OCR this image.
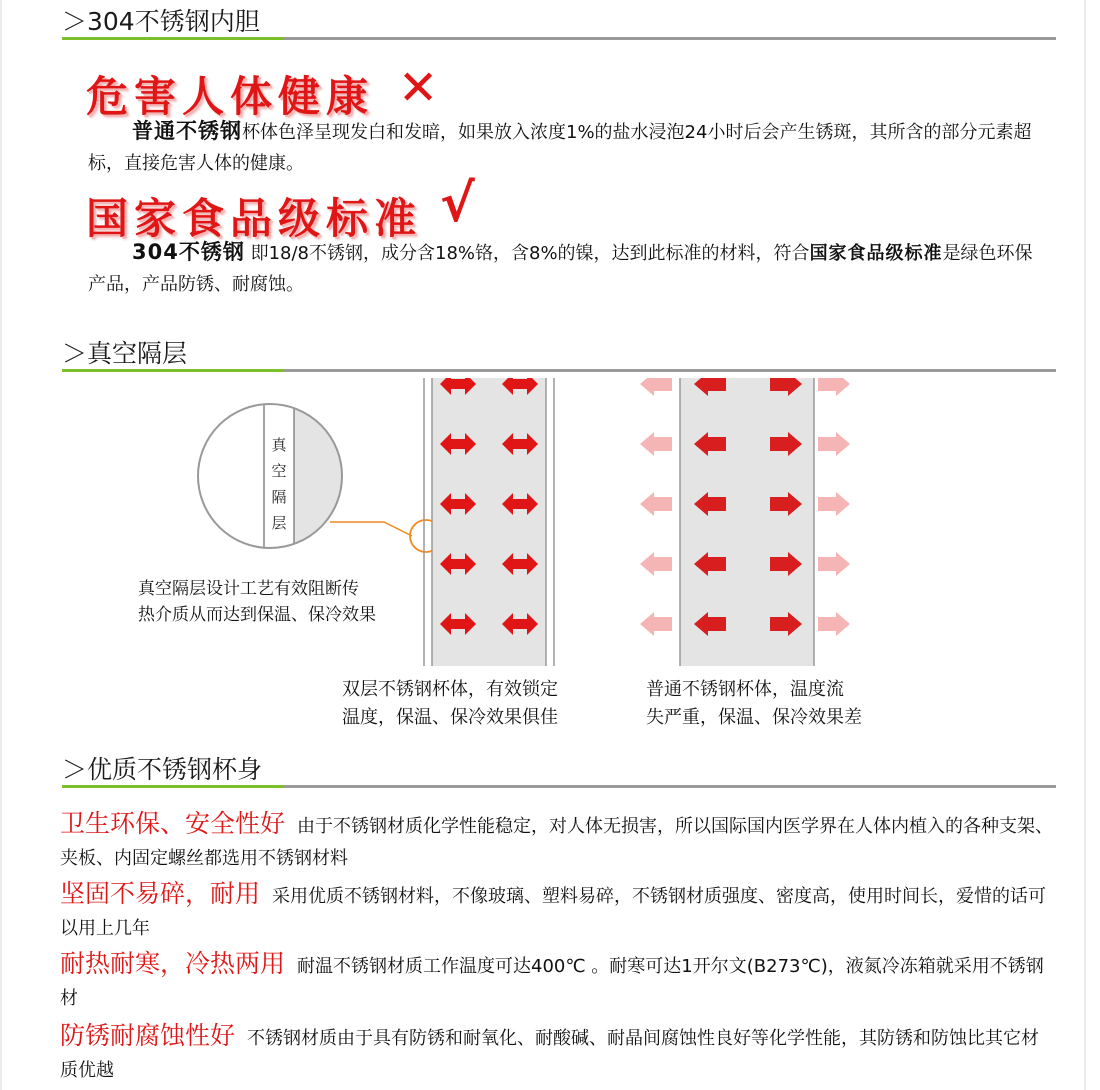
＞304不锈钢内胆
危害人体健康 ✕
普通不锈钢杯体色泽呈现发白和发暗，如果放入浓度1%的盐水浸泡24小时后会产生锈斑，其所含的部分元素超标，直接危害人体的健康。
国家食品级标准 √
304不锈钢 即18/8不锈钢，成分含18%铬，含8%的镍，达到此标准的材料，符合国家食品级标准是绿色环保产品，产品防锈、耐腐蚀。
＞真空隔层
真空隔层
真空隔层设计工艺有效阻断传
热介质从而达到保温、保冷效果
双层不锈钢杯体，有效锁定
温度，保温、保冷效果俱佳
普通不锈钢杯体，温度流
失严重，保温、保冷效果差
＞优质不锈钢杯身
卫生环保、安全性好 由于不锈钢材质化学性能稳定，对人体无损害，所以国际国内医学界在人体内植入的各种支架、夹板、内固定螺丝都选用不锈钢材料
坚固不易碎，耐用 采用优质不锈钢材料，不像玻璃、塑料易碎，不锈钢材质强度、密度高，使用时间长，爱惜的话可以用上几年
耐热耐寒，冷热两用 耐温不锈钢材质工作温度可达400℃ 。耐寒可达1开尔文(B273℃)，液氮冷冻箱就采用不锈钢材
防锈耐腐蚀性好 不锈钢材质由于具有防锈和耐氧化、耐酸碱、耐晶间腐蚀性良好等化学性能，其防锈和防蚀比其它材质优越
